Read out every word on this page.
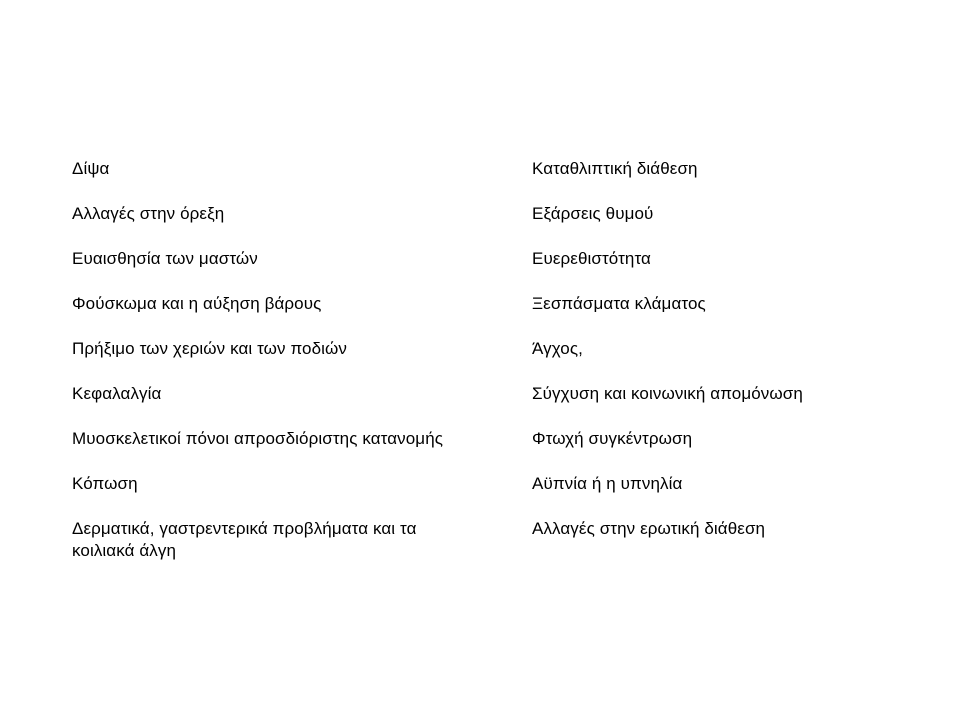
Δίψα
Αλλαγές στην όρεξη
Ευαισθησία των μαστών
Φούσκωμα και η αύξηση βάρους
Πρήξιμο των χεριών και των ποδιών
Κεφαλαλγία
Μυοσκελετικοί πόνοι απροσδιόριστης κατανομής
Κόπωση
Δερματικά, γαστρεντερικά προβλήματα και τα κοιλιακά άλγη
Καταθλιπτική διάθεση
Εξάρσεις θυμού
Ευερεθιστότητα
Ξεσπάσματα κλάματος
Άγχος,
Σύγχυση και κοινωνική απομόνωση
Φτωχή συγκέντρωση
Αϋπνία ή η υπνηλία
Αλλαγές στην ερωτική διάθεση
